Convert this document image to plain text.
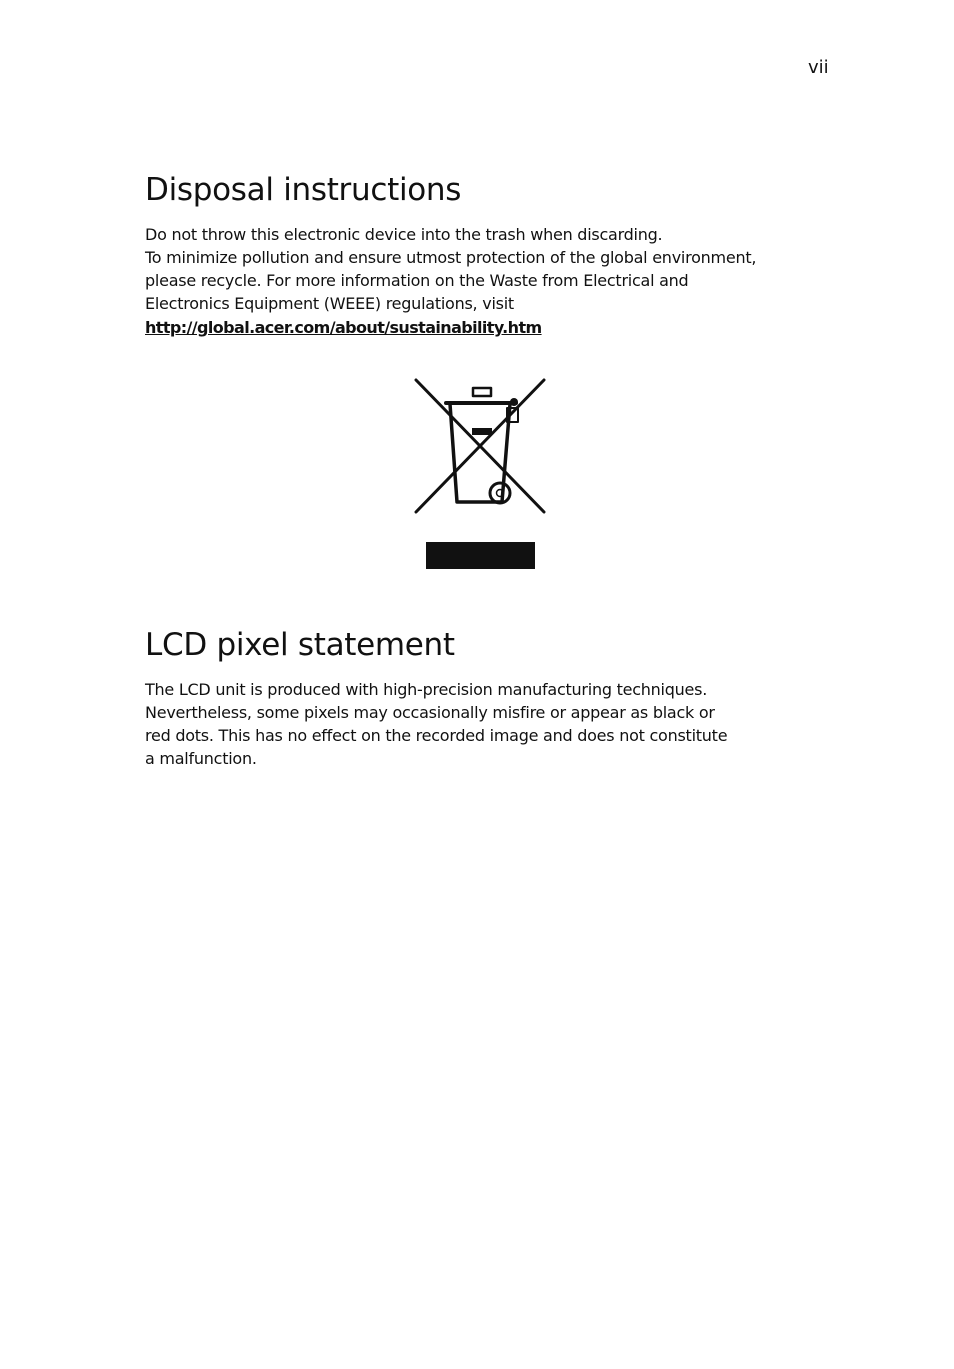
vii
Disposal instructions

Do not throw this electronic device into the trash when discarding.
To minimize pollution and ensure utmost protection of the global environment,
please recycle. For more information on the Waste from Electrical and
Electronics Equipment (WEEE) regulations, visit

http://global.acer.com/about/sustainability.htm
LCD pixel statement

The LCD unit is produced with high-precision manufacturing techniques.
Nevertheless, some pixels may occasionally misfire or appear as black or
red dots. This has no effect on the recorded image and does not constitute
a malfunction.
